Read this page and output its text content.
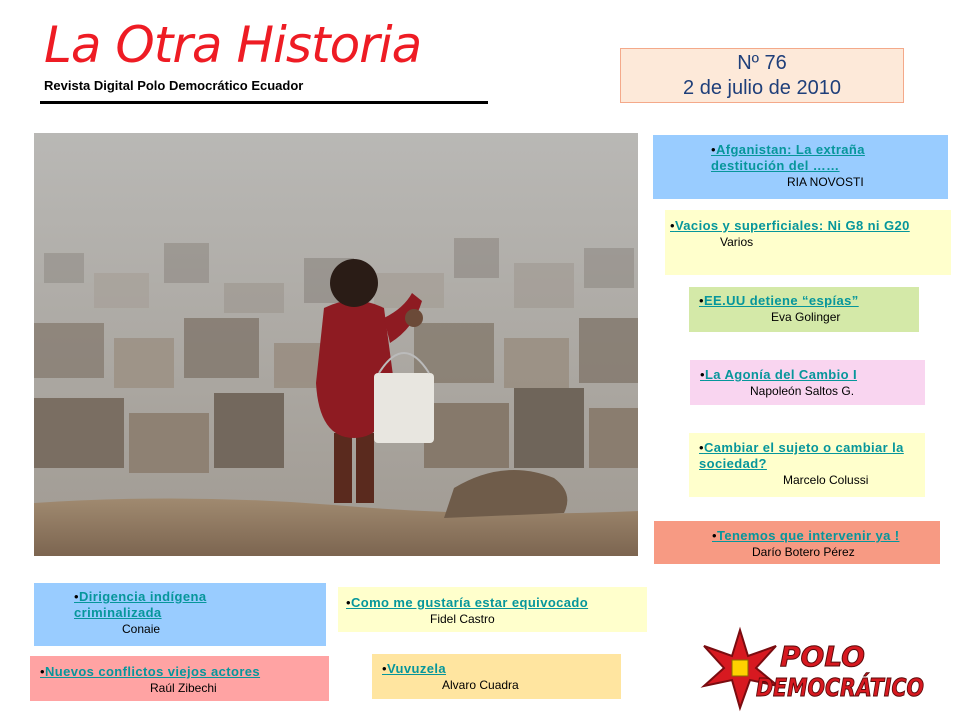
La Otra Historia
Revista Digital Polo Democrático Ecuador
Nº 76
2 de julio de 2010
•Afganistan: La extraña destitución del ……
RIA NOVOSTI
•Vacios y superficiales: Ni G8 ni G20
Varios
•EE.UU detiene “espías”
Eva Golinger
•La Agonía del Cambio I
Napoleón Saltos G.
•Cambiar el sujeto o cambiar la sociedad?
Marcelo Colussi
•Tenemos que intervenir ya !
Darío Botero Pérez
•Dirigencia indígena criminalizada
Conaie
•Como me gustaría estar equivocado
Fidel Castro
•Nuevos conflictos viejos actores
Raúl Zibechi
•Vuvuzela
Alvaro Cuadra
POLO
DEMOCRÁTICO
